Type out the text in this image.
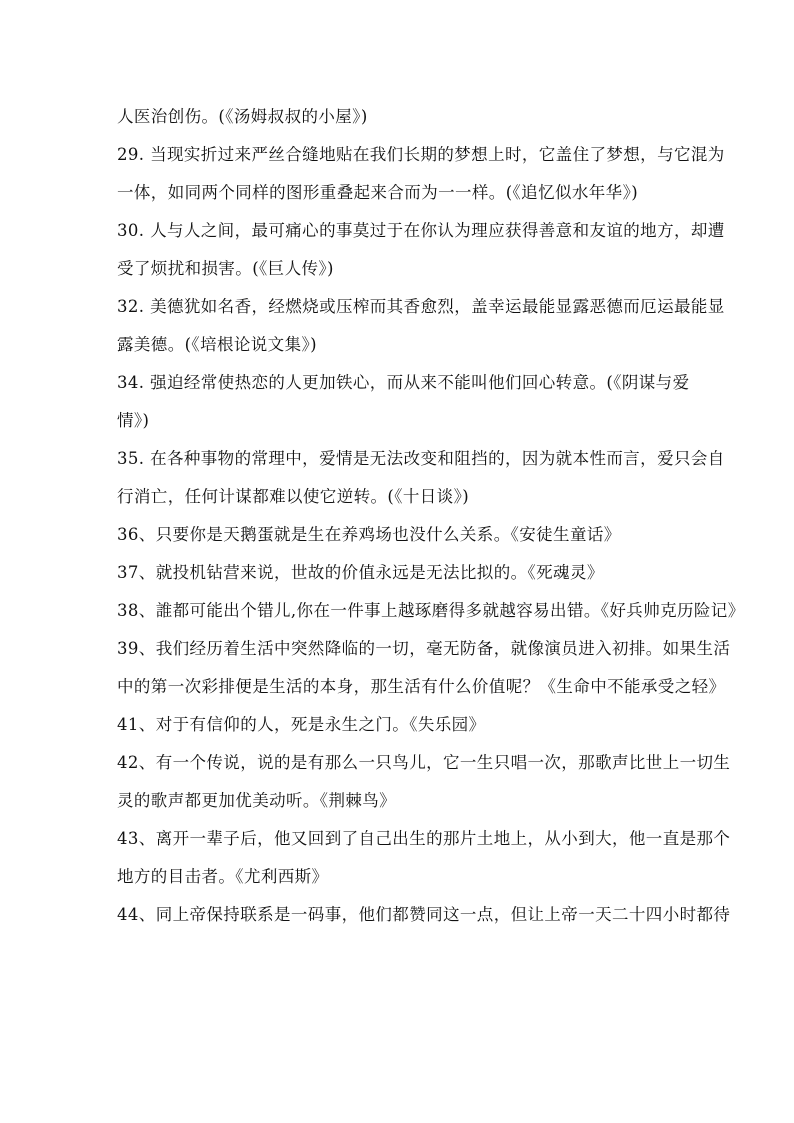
人医治创伤。(《汤姆叔叔的小屋》)
29. 当现实折过来严丝合缝地贴在我们长期的梦想上时，它盖住了梦想，与它混为
一体，如同两个同样的图形重叠起来合而为一一样。(《追忆似水年华》)
30. 人与人之间，最可痛心的事莫过于在你认为理应获得善意和友谊的地方，却遭
受了烦扰和损害。(《巨人传》)
32. 美德犹如名香，经燃烧或压榨而其香愈烈，盖幸运最能显露恶德而厄运最能显
露美德。(《培根论说文集》)
34. 强迫经常使热恋的人更加铁心，而从来不能叫他们回心转意。(《阴谋与爱
情》)
35. 在各种事物的常理中，爱情是无法改变和阻挡的，因为就本性而言，爱只会自
行消亡，任何计谋都难以使它逆转。(《十日谈》)
36、只要你是天鹅蛋就是生在养鸡场也没什么关系。《安徒生童话》
37、就投机钻营来说，世故的价值永远是无法比拟的。《死魂灵》
38、誰都可能出个错儿,你在一件事上越琢磨得多就越容易出错。《好兵帅克历险记》
39、我们经历着生活中突然降临的一切，毫无防备，就像演员进入初排。如果生活
中的第一次彩排便是生活的本身，那生活有什么价值呢？《生命中不能承受之轻》
41、对于有信仰的人，死是永生之门。《失乐园》
42、有一个传说，说的是有那么一只鸟儿，它一生只唱一次，那歌声比世上一切生
灵的歌声都更加优美动听。《荆棘鸟》
43、离开一辈子后，他又回到了自己出生的那片土地上，从小到大，他一直是那个
地方的目击者。《尤利西斯》
44、同上帝保持联系是一码事，他们都赞同这一点，但让上帝一天二十四小时都待
